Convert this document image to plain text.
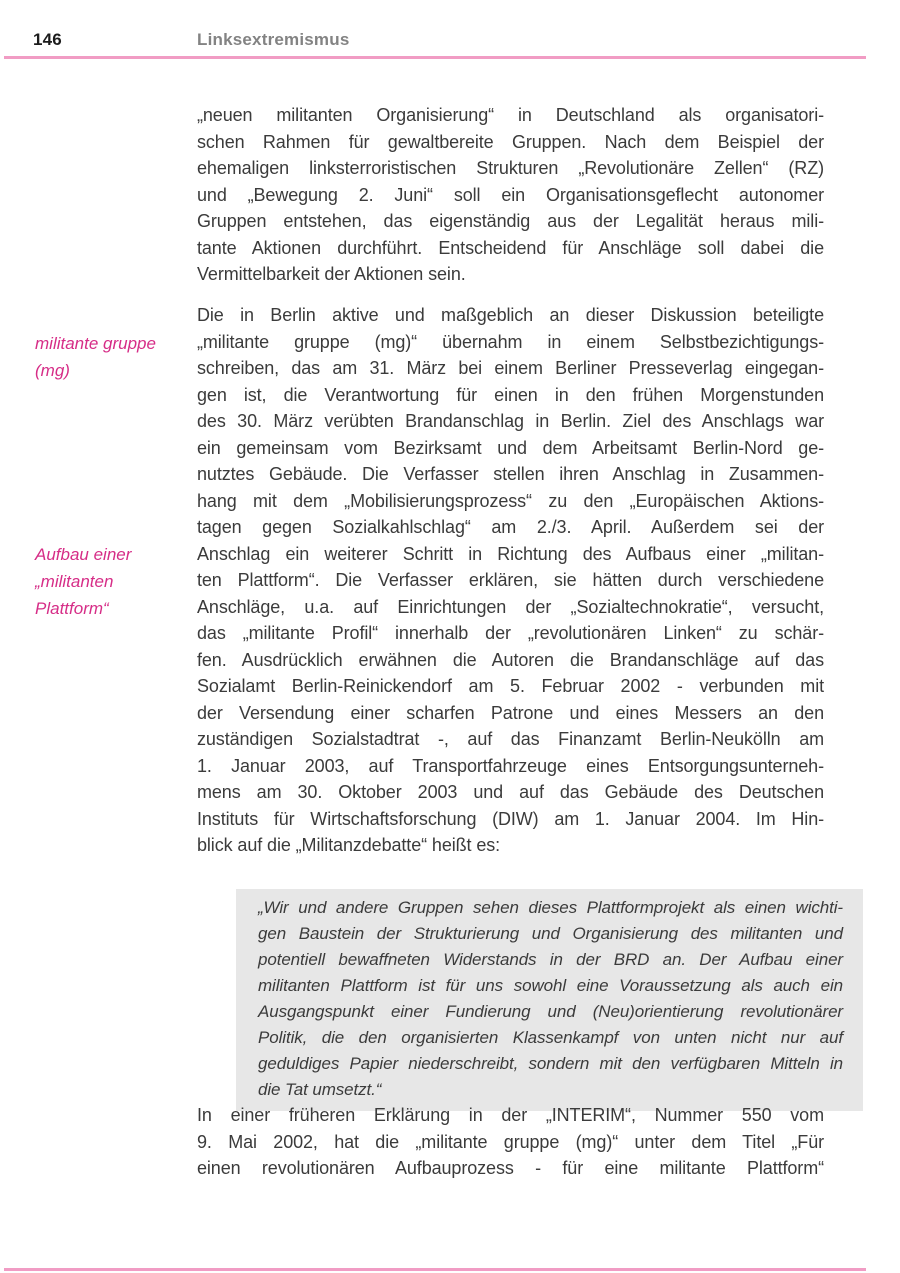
146	Linksextremismus
militante gruppe
(mg)
Aufbau einer
„militanten
Plattform“
„neuen militanten Organisierung“ in Deutschland als organisatori-
schen Rahmen für gewaltbereite Gruppen. Nach dem Beispiel der
ehemaligen linksterroristischen Strukturen „Revolutionäre Zellen“ (RZ)
und „Bewegung 2. Juni“ soll ein Organisationsgeflecht autonomer
Gruppen entstehen, das eigenständig aus der Legalität heraus mili-
tante Aktionen durchführt. Entscheidend für Anschläge soll dabei die
Vermittelbarkeit der Aktionen sein.
Die in Berlin aktive und maßgeblich an dieser Diskussion beteiligte
„militante gruppe (mg)“ übernahm in einem Selbstbezichtigungs-
schreiben, das am 31. März bei einem Berliner Presseverlag eingegan-
gen ist, die Verantwortung für einen in den frühen Morgenstunden
des 30. März verübten Brandanschlag in Berlin. Ziel des Anschlags war
ein gemeinsam vom Bezirksamt und dem Arbeitsamt Berlin-Nord ge-
nutztes Gebäude. Die Verfasser stellen ihren Anschlag in Zusammen-
hang mit dem „Mobilisierungsprozess“ zu den „Europäischen Aktions-
tagen gegen Sozialkahlschlag“ am 2./3. April. Außerdem sei der
Anschlag ein weiterer Schritt in Richtung des Aufbaus einer „militan-
ten Plattform“. Die Verfasser erklären, sie hätten durch verschiedene
Anschläge, u.a. auf Einrichtungen der „Sozialtechnokratie“, versucht,
das „militante Profil“ innerhalb der „revolutionären Linken“ zu schär-
fen. Ausdrücklich erwähnen die Autoren die Brandanschläge auf das
Sozialamt Berlin-Reinickendorf am 5. Februar 2002 - verbunden mit
der Versendung einer scharfen Patrone und eines Messers an den
zuständigen Sozialstadtrat -, auf das Finanzamt Berlin-Neukölln am
1. Januar 2003, auf Transportfahrzeuge eines Entsorgungsunterneh-
mens am 30. Oktober 2003 und auf das Gebäude des Deutschen
Instituts für Wirtschaftsforschung (DIW) am 1. Januar 2004. Im Hin-
blick auf die „Militanzdebatte“ heißt es:
„Wir und andere Gruppen sehen dieses Plattformprojekt als einen wichti-
gen Baustein der Strukturierung und Organisierung des militanten und
potentiell bewaffneten Widerstands in der BRD an. Der Aufbau einer
militanten Plattform ist für uns sowohl eine Voraussetzung als auch ein
Ausgangspunkt einer Fundierung und (Neu)orientierung revolutionärer
Politik, die den organisierten Klassenkampf von unten nicht nur auf
geduldiges Papier niederschreibt, sondern mit den verfügbaren Mitteln in
die Tat umsetzt.“
In einer früheren Erklärung in der „INTERIM“, Nummer 550 vom
9. Mai 2002, hat die „militante gruppe (mg)“ unter dem Titel „Für
einen revolutionären Aufbauprozess - für eine militante Plattform“
